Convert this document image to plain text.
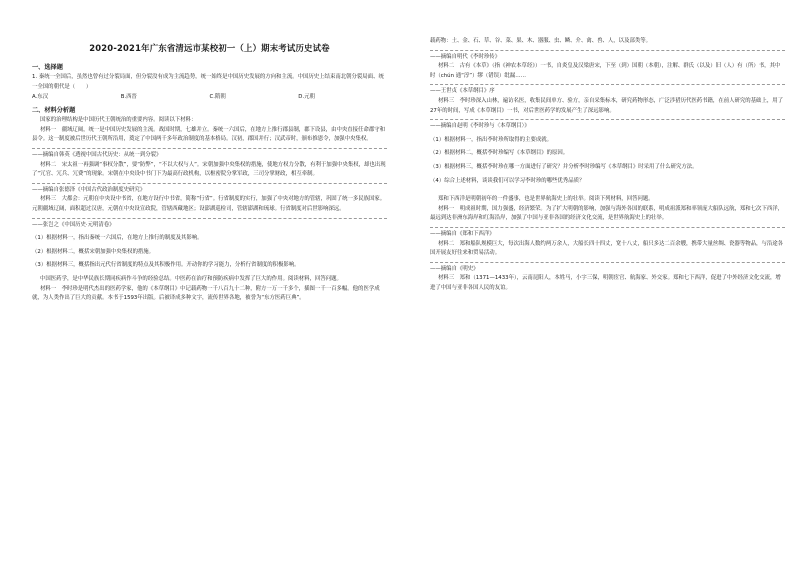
2020-2021年广东省清远市某校初一（上）期末考试历史试卷
一、选择题

1. 秦统一全国后，虽然也曾有过分裂局面，但分裂没有成为主流趋势，统一始终是中国历史发展的方向和主流。中国历史上结束南北朝分裂局面、统一全国的朝代是（　　）

A.东汉	B.西晋	C.隋朝	D.元朝
二、材料分析题

国家的治理结构是中国历代王朝统治的重要内容。阅读以下材料：

材料一　疆域辽阔，统一是中国历史发展的主流。战国时期，七雄并立。秦统一六国后，在地方上推行郡县制，郡下设县，由中央直接任命郡守和县令。这一制度被后世历代王朝所沿用，奠定了中国两千多年政治制度的基本格局。汉初，郡国并行；汉武帝时，颁布推恩令，加强中央集权。

——摘编自韩英《透视中国古代历史：从统一到分裂》

材料二　宋太祖一再强调“事权分散”，要“防弊”，“不以大权与人”。宋朝加强中央集权的措施，使地方权力分散，有利于加强中央集权，却也出现了“冗官、冗兵、冗费”的现象。宋朝在中央设中书门下为最高行政机构，以枢密院分掌军政，三司分掌财政，相互牵制。

——摘编自张德泽《中国古代政治制度史研究》

材料三　大都会：元朝在中央设中书省，在地方设行中书省，简称“行省”。行省制度的实行，加强了中央对地方的管辖，巩固了统一多民族国家。元朝疆域辽阔，面积超过汉唐，元朝在中央设宣政院，管辖西藏地区；设澎湖巡检司，管辖澎湖和琉球。行省制度对后世影响深远。

——张岂之《中国历史·元明清卷》

（1）根据材料一，指出秦统一六国后，在地方上推行的制度及其影响。

（2）根据材料二，概括宋朝加强中央集权的措施。

（3）根据材料三，概括指出元代行省制度的特点及其积极作用。开动你的学习能力，分析行省制度的积极影响。

中国医药学，是中华民族长期同疾病作斗争的经验总结。中医药在治疗和预防疾病中发挥了巨大的作用。阅读材料，回答问题。

材料一　李时珍是明代杰出的医药学家，他的《本草纲目》中记载药物一千八百九十二种，附方一万一千多个，插图一千一百多幅。他的医学成就，为人类作出了巨大的贡献。本书于1593年出版。后被译成多种文字，流传世界各地，被誉为“东方医药巨典”。

载药物：土、金、石、草、谷、菜、果、木、器服、虫、鳞、介、禽、兽、人，以及部类等。

——摘编自明代《李时珍传》

材料二　古有《本草》（指《神农本草经》）一书，自炎皇及汉梁唐宋，下至（到）国朝（本朝），注解、群氏（以及）旧（人）有（所）书，其中时（chún 通“淳”）缪（错误）纰漏……

——王世贞《本草纲目》序

材料三　李时珍深入山林，遍访名医，收集民间单方、验方，亲自采集标本，研究药物形态，广泛涉猎历代医药书籍，在前人研究的基础上，用了27年的时间，写成《本草纲目》一书，对后世医药学的发展产生了深远影响。

——摘编自赵明《李时珍与〈本草纲目〉》

（1）根据材料一，指出李时珍所取得的主要成就。

（2）根据材料二，概括李时珍编写《本草纲目》的原因。

（3）根据材料三，概括李时珍在哪一方面进行了研究？并分析李时珍编写《本草纲目》时采用了什么研究方法。

（4）综合上述材料，谈谈我们可以学习李时珍的哪些优秀品质？

郑和下西洋是明朝初年的一件盛事，也是世界航海史上的壮举。阅读下列材料，回答问题。

材料一　明成祖时期，国力强盛，经济繁荣。为了扩大明朝的影响，加强与海外各国的联系，明成祖派郑和率领庞大船队远航，郑和七次下西洋，最远到达非洲东海岸和红海沿岸，加强了中国与亚非各国的经济文化交流，是世界航海史上的壮举。

——摘编自《郑和下西洋》

材料二　郑和船队规模巨大，每次出海人数约两万余人，大船长四十四丈，宽十八丈，船只多达二百余艘，携带大量丝绸、瓷器等物品，与沿途各国开展友好往来和贸易活动。

——摘编自《明史》

材料三　郑和（1371—1433年），云南昆阳人，本姓马，小字三保，明朝宦官、航海家、外交家。郑和七下西洋，促进了中外经济文化交流，增进了中国与亚非各国人民的友谊。
